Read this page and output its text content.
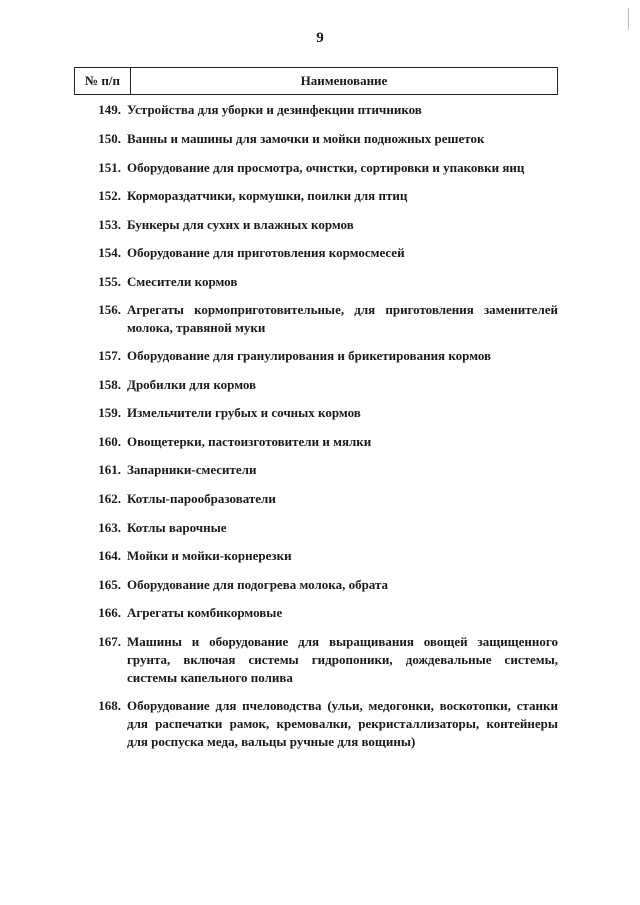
9
№ п/п	Наименование
149. Устройства для уборки и дезинфекции птичников
150. Ванны и машины для замочки и мойки подножных решеток
151. Оборудование для просмотра, очистки, сортировки и упаковки яиц
152. Кормораздатчики, кормушки, поилки для птиц
153. Бункеры для сухих и влажных кормов
154. Оборудование для приготовления кормосмесей
155. Смесители кормов
156. Агрегаты кормоприготовительные, для приготовления заменителей молока, травяной муки
157. Оборудование для гранулирования и брикетирования кормов
158. Дробилки для кормов
159. Измельчители грубых и сочных кормов
160. Овощетерки, пастоизготовители и мялки
161. Запарники-смесители
162. Котлы-парообразователи
163. Котлы варочные
164. Мойки и мойки-корнерезки
165. Оборудование для подогрева молока, обрата
166. Агрегаты комбикормовые
167. Машины и оборудование для выращивания овощей защищенного грунта, включая системы гидропоники, дождевальные системы, системы капельного полива
168. Оборудование для пчеловодства (ульи, медогонки, воскотопки, станки для распечатки рамок, кремовалки, рекристаллизаторы, контейнеры для роспуска меда, вальцы ручные для вощины)
